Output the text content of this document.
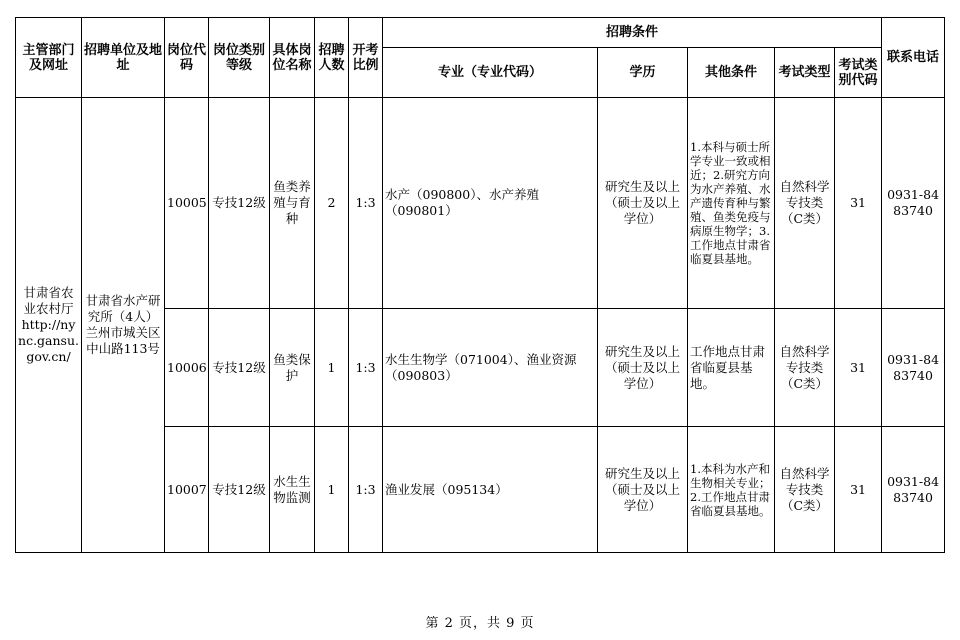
主管部门及网址	招聘单位及地址	岗位代码	岗位类别等级	具体岗位名称	招聘人数	开考比例	招聘条件					联系电话
							专业（专业代码）	学历	其他条件	考试类型	考试类别代码	
甘肃省农业农村厅 http://nync.gansu.gov.cn/	甘肃省水产研究所（4人）兰州市城关区中山路113号	10005	专技12级	鱼类养殖与育种	2	1:3	水产（090800）、水产养殖（090801）	研究生及以上（硕士及以上学位）	1.本科与硕士所学专业一致或相近；2.研究方向为水产养殖、水产遗传育种与繁殖、鱼类免疫与病原生物学；3.工作地点甘肃省临夏县基地。	自然科学专技类（C类）	31	0931-8483740
		10006	专技12级	鱼类保护	1	1:3	水生生物学（071004）、渔业资源（090803）	研究生及以上（硕士及以上学位）	工作地点甘肃省临夏县基地。	自然科学专技类（C类）	31	0931-8483740
		10007	专技12级	水生生物监测	1	1:3	渔业发展（095134）	研究生及以上（硕士及以上学位）	1.本科为水产和生物相关专业；2.工作地点甘肃省临夏县基地。	自然科学专技类（C类）	31	0931-8483740
第 2 页，共 9 页
